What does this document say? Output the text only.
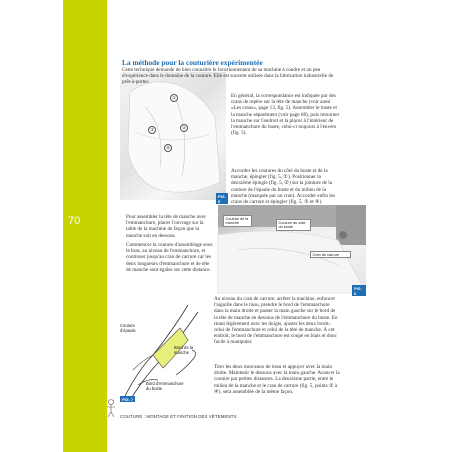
70
La méthode pour la couturière expérimentée
①
②
③
④
FIG. 5

Cette technique demande de bien connaître le fonctionnement de sa machine à coudre et un peu d'expérience dans le domaine de la couture. Elle est souvent utilisée dans la fabrication industrielle de prêt-à-porter.

En général, la correspondance est indiquée par des crans de repère sur la tête de manche (voir aussi «Les crans», page 13, fig. 5). Assembler le buste et la manche séparément (voir page 68), puis retourner la manche sur l'endroit et la placer à l'intérieur de l'emmanchure du buste, celui-ci toujours à l'envers (fig. 5).

Accorder les coutures du côté du buste et de la manche, épingler (fig. 5, ①). Positionner la deuxième épingle (fig. 5, ②) sur la jointure de la couture de l'épaule du buste et du milieu de la manche (marquée par un cran). Accorder enfin les crans de carrure et épingler (fig. 5, ③ et ④).

Couture de la manche	Couture du côté du buste
Cran de carrure
FIG. 6

Pour assembler la tête de manche avec l'emmanchure, placer l'ouvrage sur la table de la machine de façon que la manche soit en dessous.

Commencer la couture d'assemblage sous le bras, au niveau de l'emmanchure, et continuer jusqu'au cran de carrure car les deux longueurs d'emmanchure et de tête de manche sont égales sur cette distance.

Couture d'épaule
Bord de la manche
Bord d'emmanchure du buste
FIG. 7

Au niveau du cran de carrure, arrêter la machine, enfoncer l'aiguille dans le tissu, prendre le bord de l'emmanchure dans la main droite et passer la main gauche sur le bord de la tête de manche en dessous de l'emmanchure du buste. En tirant légèrement avec les doigts, ajuster les deux bords : celui de l'emmanchure et celui de la tête de manche. À cet endroit, le bord de l'emmanchure est coupé en biais et donc facile à manipuler.

Tirer les deux morceaux de tissu et appuyer avec la main droite. Maintenir le dessous avec la main gauche. Avancer la couture par petites distances. La deuxième partie, entre le milieu de la manche et le cran de carrure (fig. 5, points ② à ④), sera assemblée de la même façon.

COUTURE : MONTAGE ET FINITION DES VÊTEMENTS
